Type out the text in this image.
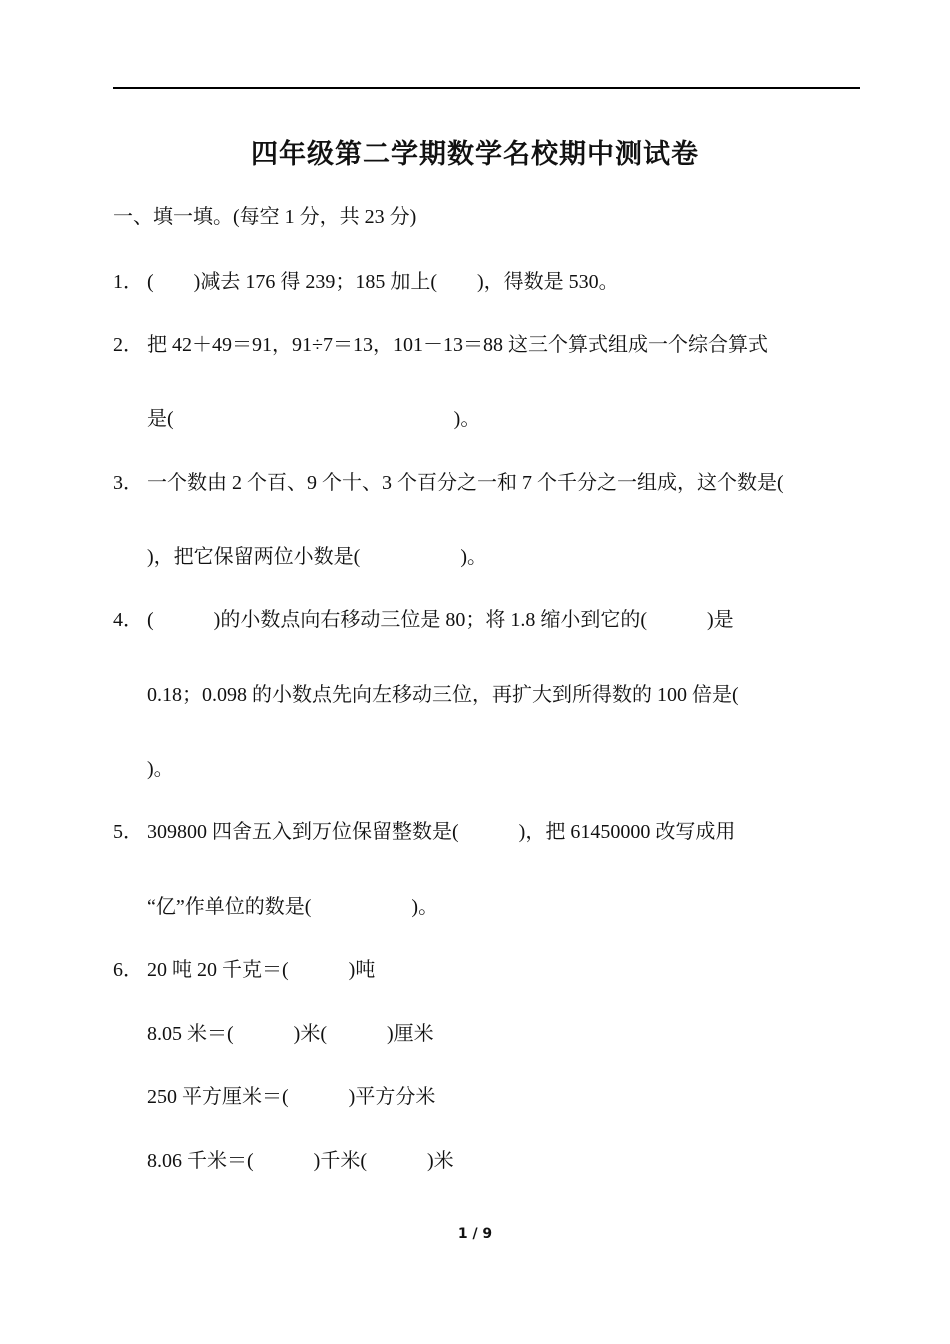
四年级第二学期数学名校期中测试卷
一、填一填。(每空 1 分，共 23 分)
1． (　　)减去 176 得 239；185 加上(　　)，得数是 530。
2． 把 42＋49＝91，91÷7＝13，101－13＝88 这三个算式组成一个综合算式
是(　　　　　　　　　　　　　　)。
3． 一个数由 2 个百、9 个十、3 个百分之一和 7 个千分之一组成，这个数是(
)，把它保留两位小数是(　　　　　)。
4． (　　　)的小数点向右移动三位是 80；将 1.8 缩小到它的(　　　)是
0.18；0.098 的小数点先向左移动三位，再扩大到所得数的 100 倍是(
)。
5． 309800 四舍五入到万位保留整数是(　　　)，把 61450000 改写成用
“亿”作单位的数是(　　　　　)。
6． 20 吨 20 千克＝(　　　)吨
8.05 米＝(　　　)米(　　　)厘米
250 平方厘米＝(　　　)平方分米
8.06 千米＝(　　　)千米(　　　)米
1 / 9
